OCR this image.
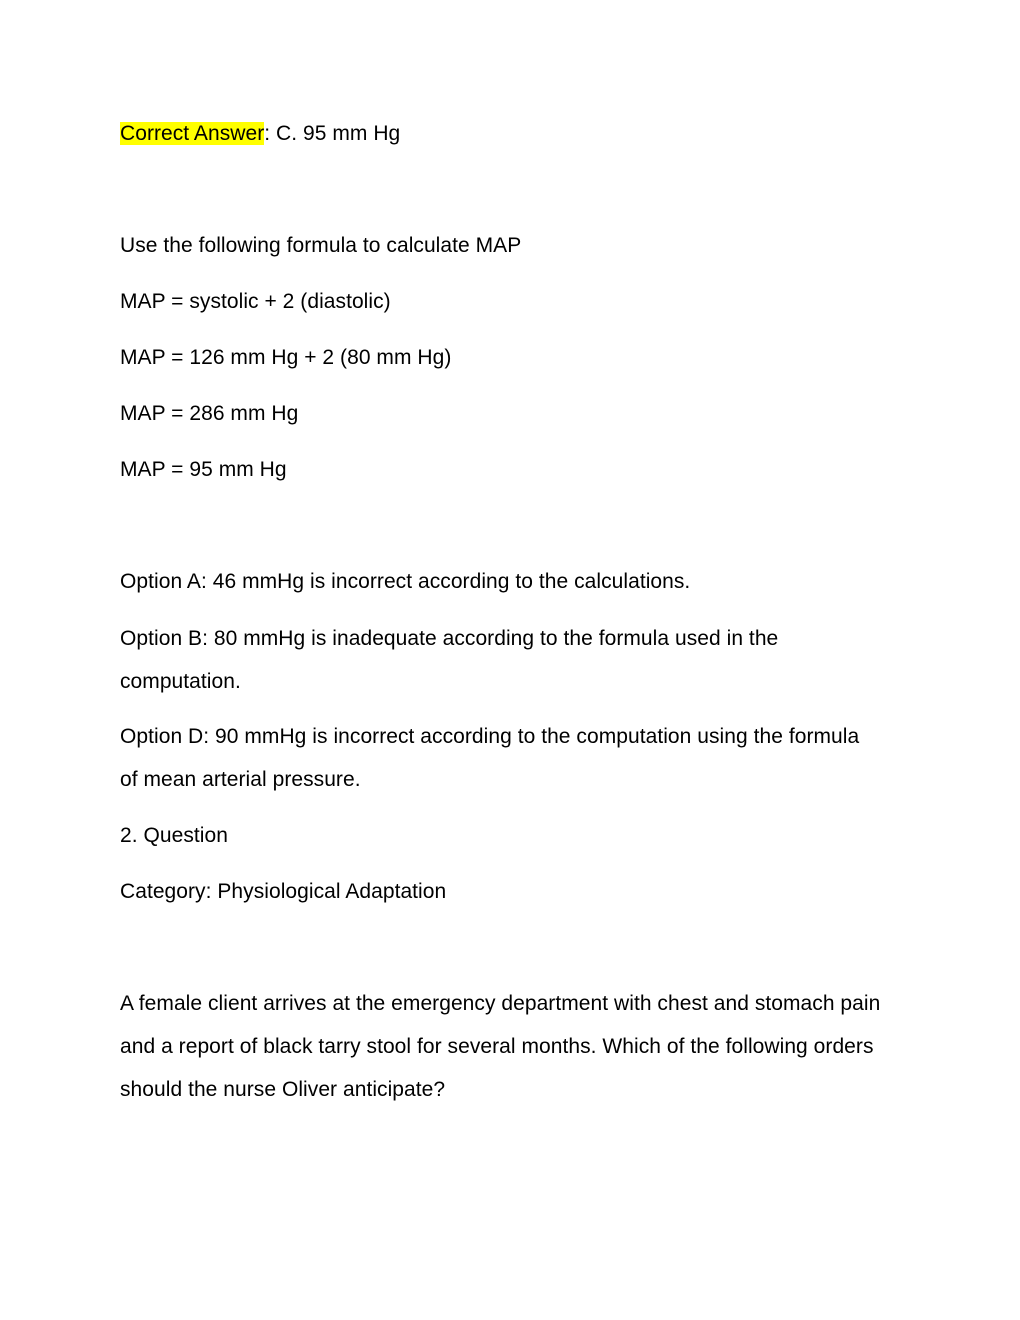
Correct Answer: C. 95 mm Hg
Use the following formula to calculate MAP
MAP = systolic + 2 (diastolic)
MAP = 126 mm Hg + 2 (80 mm Hg)
MAP = 286 mm Hg
MAP = 95 mm Hg
Option A: 46 mmHg is incorrect according to the calculations.
Option B: 80 mmHg is inadequate according to the formula used in the
computation.
Option D: 90 mmHg is incorrect according to the computation using the formula
of mean arterial pressure.
2. Question
Category: Physiological Adaptation
A female client arrives at the emergency department with chest and stomach pain
and a report of black tarry stool for several months. Which of the following orders
should the nurse Oliver anticipate?
